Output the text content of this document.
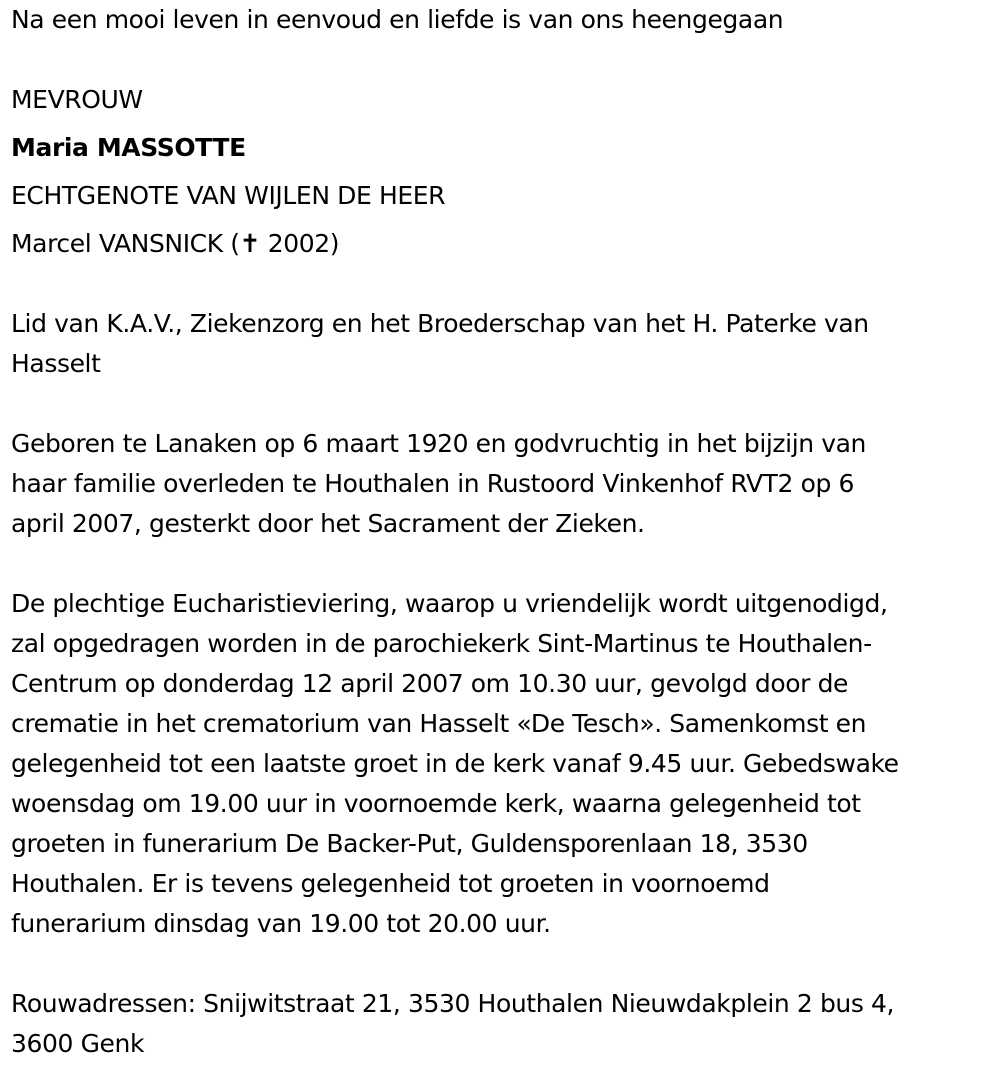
Na een mooi leven in eenvoud en liefde is van ons heengegaan

MEVROUW

Maria MASSOTTE

ECHTGENOTE VAN WIJLEN DE HEER

Marcel VANSNICK (✝ 2002)

Lid van K.A.V., Ziekenzorg en het Broederschap van het H. Paterke van

Hasselt

Geboren te Lanaken op 6 maart 1920 en godvruchtig in het bijzijn van

haar familie overleden te Houthalen in Rustoord Vinkenhof RVT2 op 6

april 2007, gesterkt door het Sacrament der Zieken.

De plechtige Eucharistieviering, waarop u vriendelijk wordt uitgenodigd,

zal opgedragen worden in de parochiekerk Sint-Martinus te Houthalen-

Centrum op donderdag 12 april 2007 om 10.30 uur, gevolgd door de

crematie in het crematorium van Hasselt «De Tesch». Samenkomst en

gelegenheid tot een laatste groet in de kerk vanaf 9.45 uur. Gebedswake

woensdag om 19.00 uur in voornoemde kerk, waarna gelegenheid tot

groeten in funerarium De Backer-Put, Guldensporenlaan 18, 3530

Houthalen. Er is tevens gelegenheid tot groeten in voornoemd

funerarium dinsdag van 19.00 tot 20.00 uur.

Rouwadressen: Snijwitstraat 21, 3530 Houthalen Nieuwdakplein 2 bus 4,

3600 Genk
